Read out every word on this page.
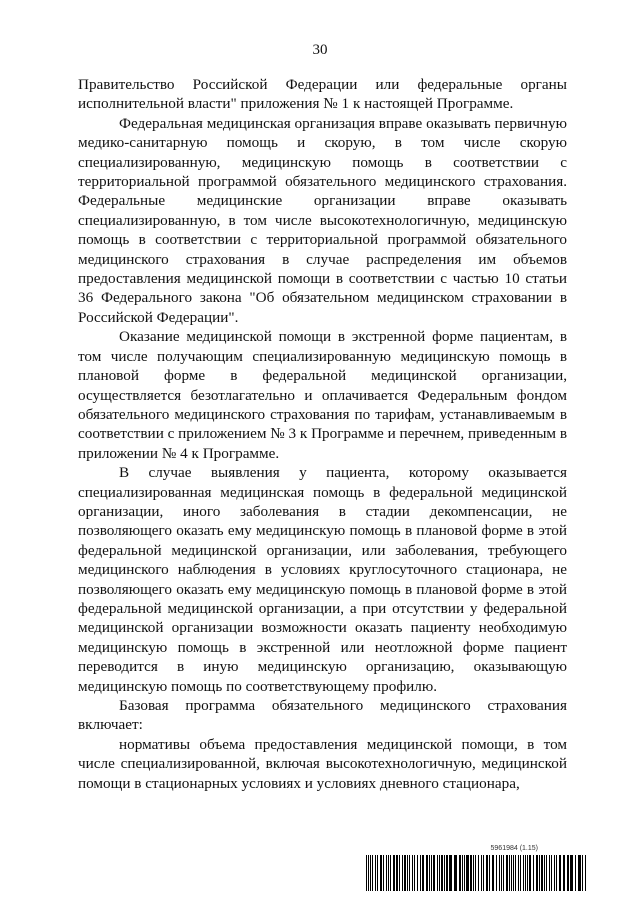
30

Правительство Российской Федерации или федеральные органы исполнительной власти" приложения № 1 к настоящей Программе.

Федеральная медицинская организация вправе оказывать первичную медико-санитарную помощь и скорую, в том числе скорую специализированную, медицинскую помощь в соответствии с территориальной программой обязательного медицинского страхования. Федеральные медицинские организации вправе оказывать специализированную, в том числе высокотехнологичную, медицинскую помощь в соответствии с территориальной программой обязательного медицинского страхования в случае распределения им объемов предоставления медицинской помощи в соответствии с частью 10 статьи 36 Федерального закона "Об обязательном медицинском страховании в Российской Федерации".

Оказание медицинской помощи в экстренной форме пациентам, в том числе получающим специализированную медицинскую помощь в плановой форме в федеральной медицинской организации, осуществляется безотлагательно и оплачивается Федеральным фондом обязательного медицинского страхования по тарифам, устанавливаемым в соответствии с приложением № 3 к Программе и перечнем, приведенным в приложении № 4 к Программе.

В случае выявления у пациента, которому оказывается специализированная медицинская помощь в федеральной медицинской организации, иного заболевания в стадии декомпенсации, не позволяющего оказать ему медицинскую помощь в плановой форме в этой федеральной медицинской организации, или заболевания, требующего медицинского наблюдения в условиях круглосуточного стационара, не позволяющего оказать ему медицинскую помощь в плановой форме в этой федеральной медицинской организации, а при отсутствии у федеральной медицинской организации возможности оказать пациенту необходимую медицинскую помощь в экстренной или неотложной форме пациент переводится в иную медицинскую организацию, оказывающую медицинскую помощь по соответствующему профилю.

Базовая программа обязательного медицинского страхования включает:

нормативы объема предоставления медицинской помощи, в том числе специализированной, включая высокотехнологичную, медицинской помощи в стационарных условиях и условиях дневного стационара,

5961984 (1.15)
